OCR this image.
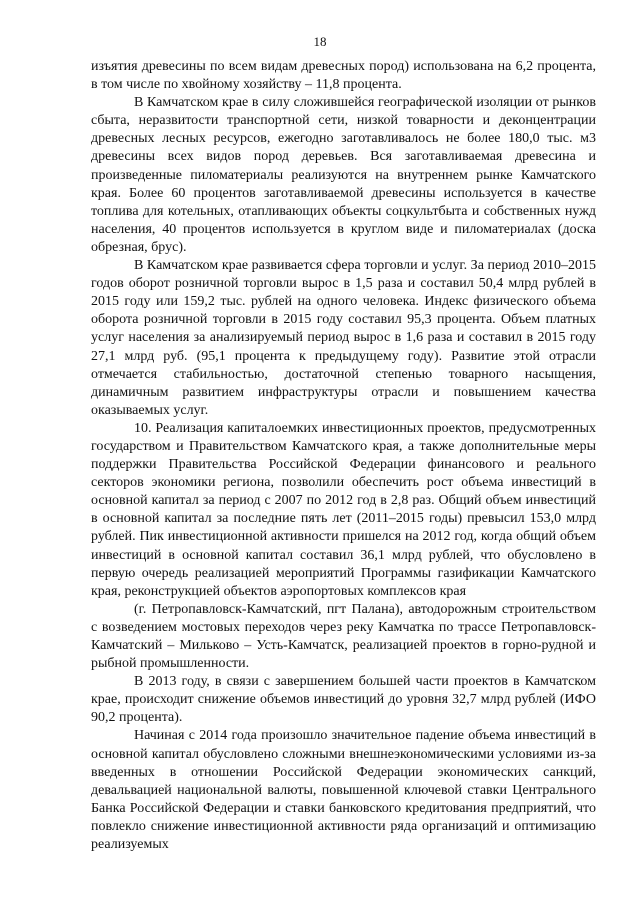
18

изъятия древесины по всем видам древесных пород) использована на 6,2 процента, в том числе по хвойному хозяйству – 11,8 процента.

В Камчатском крае в силу сложившейся географической изоляции от рынков сбыта, неразвитости транспортной сети, низкой товарности и деконцентрации древесных лесных ресурсов, ежегодно заготавливалось не более 180,0 тыс. м3 древесины всех видов пород деревьев. Вся заготавливаемая древесина и произведенные пиломатериалы реализуются на внутреннем рынке Камчатского края. Более 60 процентов заготавливаемой древесины используется в качестве топлива для котельных, отапливающих объекты соцкультбыта и собственных нужд населения, 40 процентов используется в круглом виде и пиломатериалах (доска обрезная, брус).

В Камчатском крае развивается сфера торговли и услуг. За период 2010–2015 годов оборот розничной торговли вырос в 1,5 раза и составил 50,4 млрд рублей в 2015 году или 159,2 тыс. рублей на одного человека. Индекс физического объема оборота розничной торговли в 2015 году составил 95,3 процента. Объем платных услуг населения за анализируемый период вырос в 1,6 раза и составил в 2015 году 27,1 млрд руб. (95,1 процента к предыдущему году). Развитие этой отрасли отмечается стабильностью, достаточной степенью товарного насыщения, динамичным развитием инфраструктуры отрасли и повышением качества оказываемых услуг.

10. Реализация капиталоемких инвестиционных проектов, предусмотренных государством и Правительством Камчатского края, а также дополнительные меры поддержки Правительства Российской Федерации финансового и реального секторов экономики региона, позволили обеспечить рост объема инвестиций в основной капитал за период с 2007 по 2012 год в 2,8 раз. Общий объем инвестиций в основной капитал за последние пять лет (2011–2015 годы) превысил 153,0 млрд рублей. Пик инвестиционной активности пришелся на 2012 год, когда общий объем инвестиций в основной капитал составил 36,1 млрд рублей, что обусловлено в первую очередь реализацией мероприятий Программы газификации Камчатского края, реконструкцией объектов аэропортовых комплексов края

(г. Петропавловск-Камчатский, пгт Палана), автодорожным строительством с возведением мостовых переходов через реку Камчатка по трассе Петропавловск-Камчатский – Мильково – Усть-Камчатск, реализацией проектов в горно-рудной и рыбной промышленности.

В 2013 году, в связи с завершением большей части проектов в Камчатском крае, происходит снижение объемов инвестиций до уровня 32,7 млрд рублей (ИФО 90,2 процента).

Начиная с 2014 года произошло значительное падение объема инвестиций в основной капитал обусловлено сложными внешнеэкономическими условиями из-за введенных в отношении Российской Федерации экономических санкций, девальвацией национальной валюты, повышенной ключевой ставки Центрального Банка Российской Федерации и ставки банковского кредитования предприятий, что повлекло снижение инвестиционной активности ряда организаций и оптимизацию реализуемых
